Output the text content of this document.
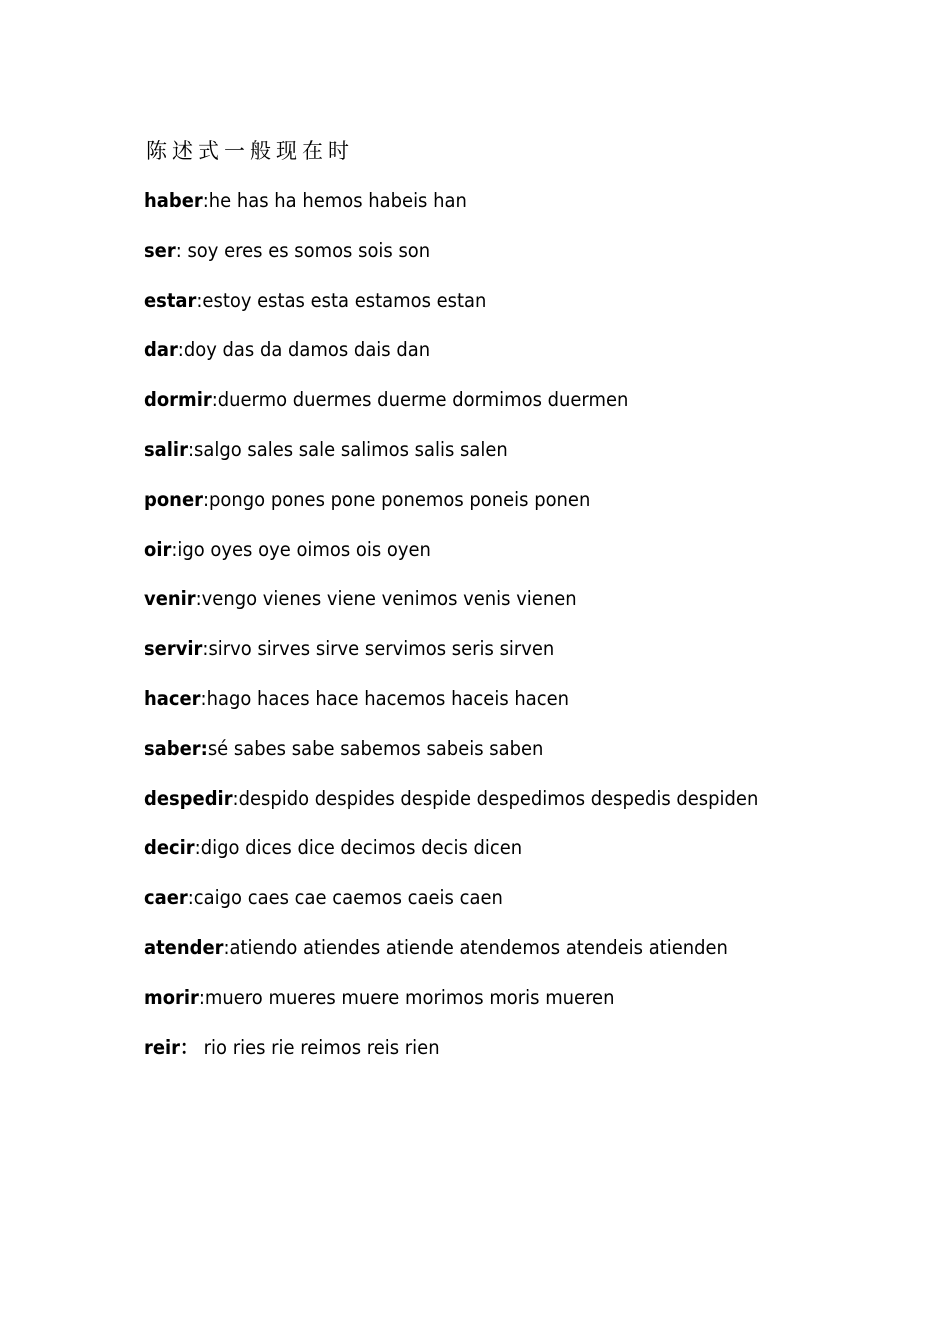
陈述式一般现在时
haber:he has ha hemos habeis han
ser: soy eres es somos sois son
estar:estoy estas esta estamos estan
dar:doy das da damos dais dan
dormir:duermo duermes duerme dormimos duermen
salir:salgo sales sale salimos salis salen
poner:pongo pones pone ponemos poneis ponen
oir:igo oyes oye oimos ois oyen
venir:vengo vienes viene venimos venis vienen
servir:sirvo sirves sirve servimos seris sirven
hacer:hago haces hace hacemos haceis hacen
saber:sé sabes sabe sabemos sabeis saben
despedir:despido despides despide despedimos despedis despiden
decir:digo dices dice decimos decis dicen
caer:caigo caes cae caemos caeis caen
atender:atiendo atiendes atiende atendemos atendeis atienden
morir:muero mueres muere morimos moris mueren
reir： rio ries rie reimos reis rien
